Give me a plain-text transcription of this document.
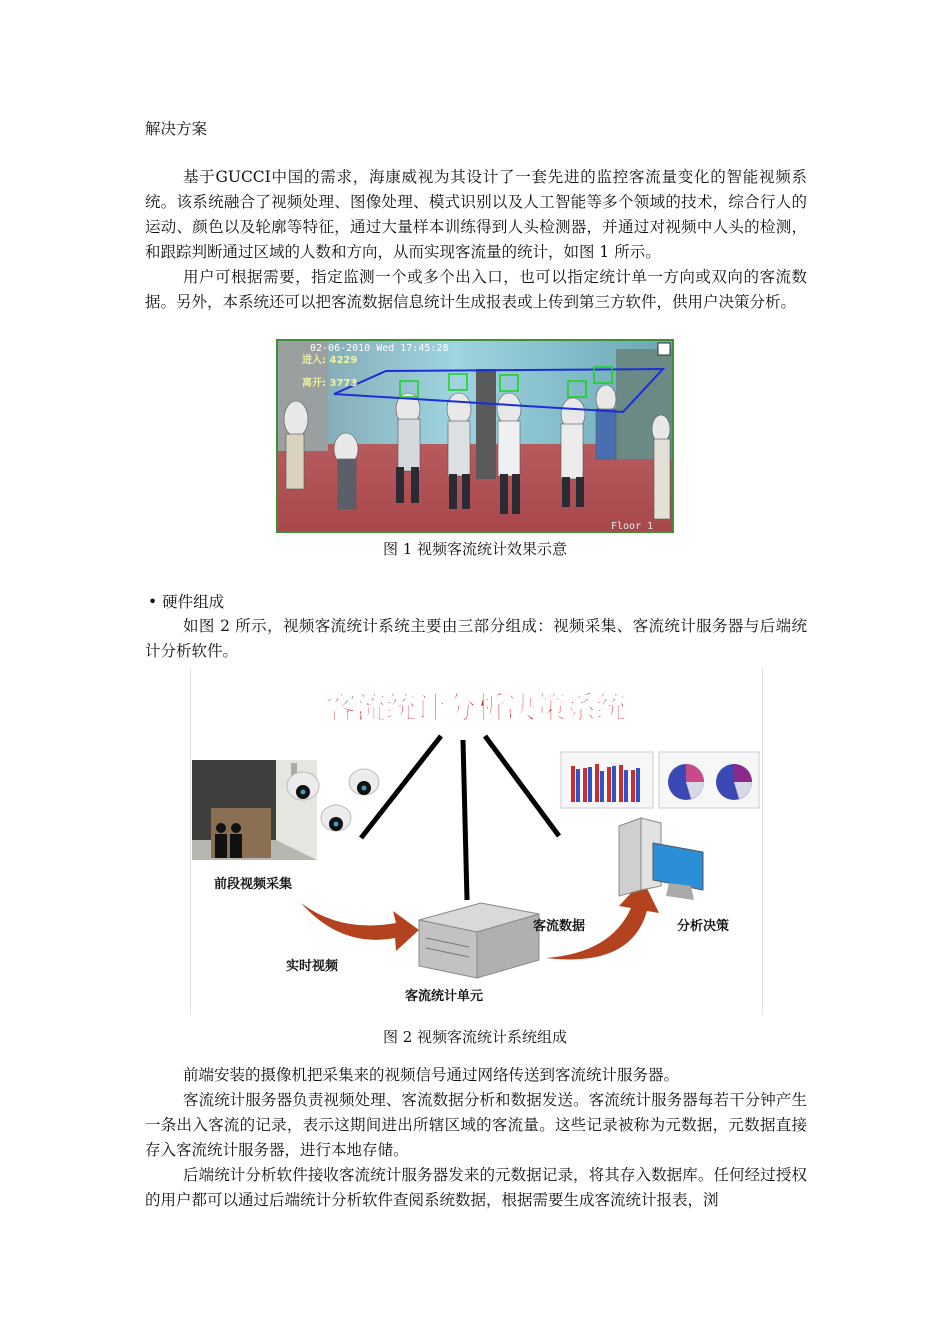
解决方案
基于GUCCI中国的需求，海康威视为其设计了一套先进的监控客流量变化的智能视频系统。该系统融合了视频处理、图像处理、模式识别以及人工智能等多个领域的技术，综合行人的运动、颜色以及轮廓等特征，通过大量样本训练得到人头检测器，并通过对视频中人头的检测，和跟踪判断通过区域的人数和方向，从而实现客流量的统计，如图 1 所示。
用户可根据需要，指定监测一个或多个出入口，也可以指定统计单一方向或双向的客流数据。另外，本系统还可以把客流数据信息统计生成报表或上传到第三方软件，供用户决策分析。
02-06-2010 Wed 17:45:28
进入: 4229
离开: 3773
Floor 1
图 1 视频客流统计效果示意
• 硬件组成
如图 2 所示，视频客流统计系统主要由三部分组成：视频采集、客流统计服务器与后端统计分析软件。
客流统计分析决策系统
前段视频采集
实时视频
客流统计单元
客流数据	分析决策
图 2 视频客流统计系统组成
前端安装的摄像机把采集来的视频信号通过网络传送到客流统计服务器。
客流统计服务器负责视频处理、客流数据分析和数据发送。客流统计服务器每若干分钟产生一条出入客流的记录，表示这期间进出所辖区域的客流量。这些记录被称为元数据，元数据直接存入客流统计服务器，进行本地存储。
后端统计分析软件接收客流统计服务器发来的元数据记录，将其存入数据库。任何经过授权的用户都可以通过后端统计分析软件查阅系统数据，根据需要生成客流统计报表，浏
